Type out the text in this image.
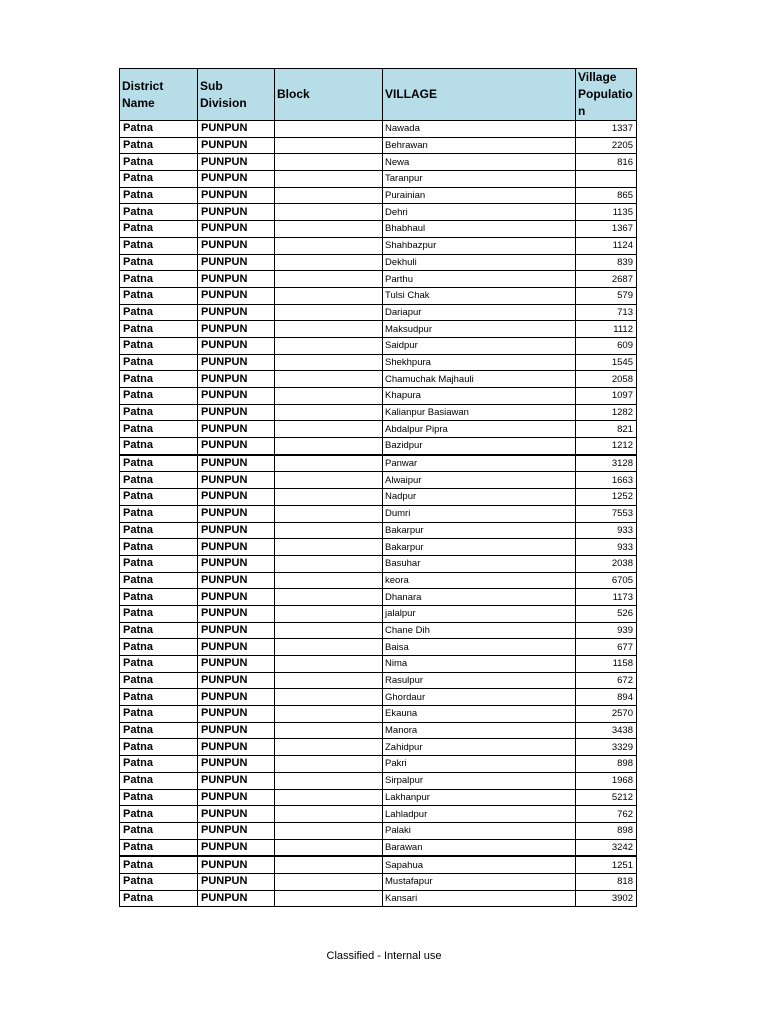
District Name	Sub Division	Block	VILLAGE	Village Populatio n
Patna	PUNPUN		Nawada	1337
Patna	PUNPUN		Behrawan	2205
Patna	PUNPUN		Newa	816
Patna	PUNPUN		Taranpur	
Patna	PUNPUN		Purainian	865
Patna	PUNPUN		Dehri	1135
Patna	PUNPUN		Bhabhaul	1367
Patna	PUNPUN		Shahbazpur	1124
Patna	PUNPUN		Dekhuli	839
Patna	PUNPUN		Parthu	2687
Patna	PUNPUN		Tulsi Chak	579
Patna	PUNPUN		Dariapur	713
Patna	PUNPUN		Maksudpur	1112
Patna	PUNPUN		Saidpur	609
Patna	PUNPUN		Shekhpura	1545
Patna	PUNPUN		Chamuchak Majhauli	2058
Patna	PUNPUN		Khapura	1097
Patna	PUNPUN		Kalianpur Basiawan	1282
Patna	PUNPUN		Abdalpur Pipra	821
Patna	PUNPUN		Bazidpur	1212
Patna	PUNPUN		Panwar	3128
Patna	PUNPUN		Alwaipur	1663
Patna	PUNPUN		Nadpur	1252
Patna	PUNPUN		Dumri	7553
Patna	PUNPUN		Bakarpur	933
Patna	PUNPUN		Bakarpur	933
Patna	PUNPUN		Basuhar	2038
Patna	PUNPUN		keora	6705
Patna	PUNPUN		Dhanara	1173
Patna	PUNPUN		jalalpur	526
Patna	PUNPUN		Chane Dih	939
Patna	PUNPUN		Baisa	677
Patna	PUNPUN		Nima	1158
Patna	PUNPUN		Rasulpur	672
Patna	PUNPUN		Ghordaur	894
Patna	PUNPUN		Ekauna	2570
Patna	PUNPUN		Manora	3438
Patna	PUNPUN		Zahidpur	3329
Patna	PUNPUN		Pakri	898
Patna	PUNPUN		Sirpalpur	1968
Patna	PUNPUN		Lakhanpur	5212
Patna	PUNPUN		Lahladpur	762
Patna	PUNPUN		Palaki	898
Patna	PUNPUN		Barawan	3242
Patna	PUNPUN		Sapahua	1251
Patna	PUNPUN		Mustafapur	818
Patna	PUNPUN		Kansari	3902
Classified - Internal use
